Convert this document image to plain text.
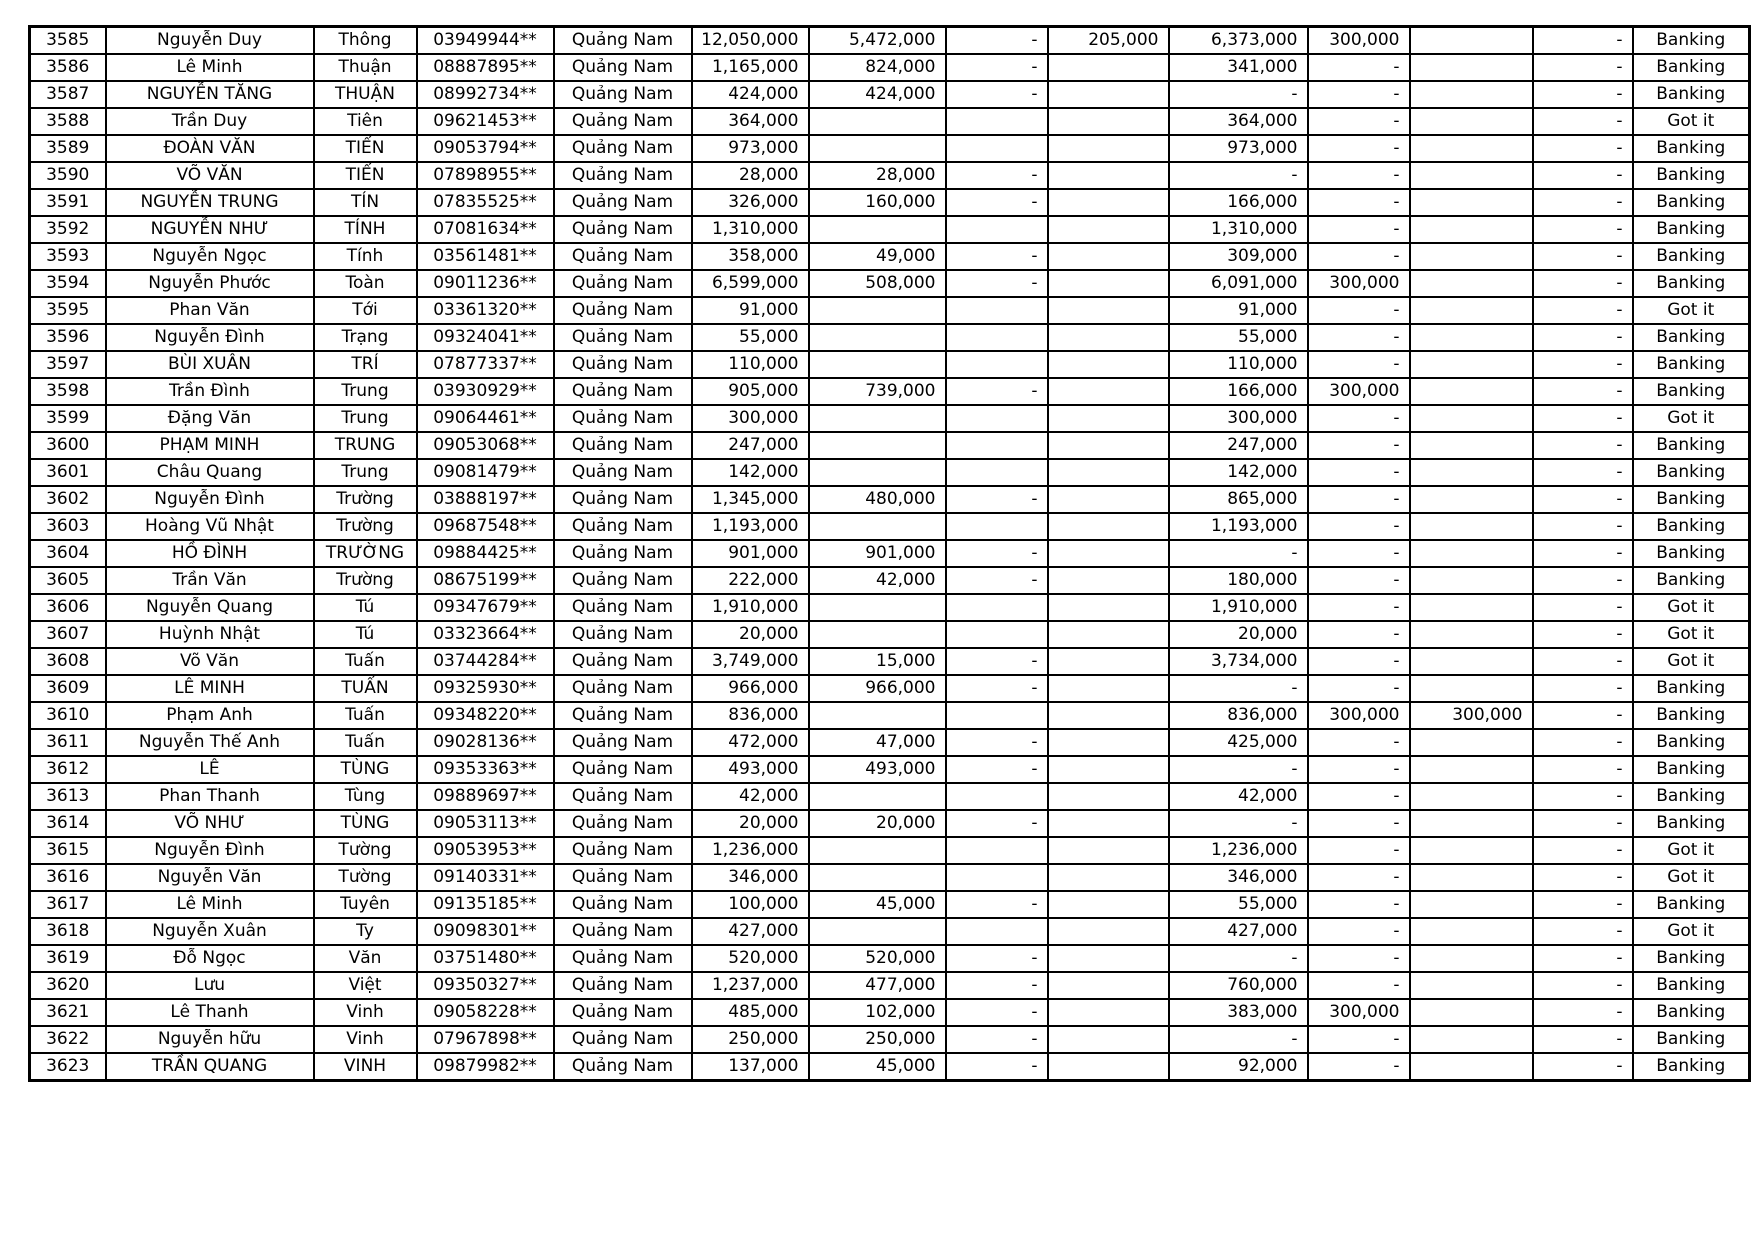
3585	Nguyễn Duy	Thông	03949944**	Quảng Nam	12,050,000	5,472,000	-	205,000	6,373,000	300,000		-	Banking
3586	Lê Minh	Thuận	08887895**	Quảng Nam	1,165,000	824,000	-		341,000	-		-	Banking
3587	NGUYỄN TĂNG	THUẬN	08992734**	Quảng Nam	424,000	424,000	-		-	-		-	Banking
3588	Trần Duy	Tiên	09621453**	Quảng Nam	364,000				364,000	-		-	Got it
3589	ĐOÀN VĂN	TIẾN	09053794**	Quảng Nam	973,000				973,000	-		-	Banking
3590	VÕ VĂN	TIẾN	07898955**	Quảng Nam	28,000	28,000	-		-	-		-	Banking
3591	NGUYỄN TRUNG	TÍN	07835525**	Quảng Nam	326,000	160,000	-		166,000	-		-	Banking
3592	NGUYỄN NHƯ	TÍNH	07081634**	Quảng Nam	1,310,000				1,310,000	-		-	Banking
3593	Nguyễn Ngọc	Tính	03561481**	Quảng Nam	358,000	49,000	-		309,000	-		-	Banking
3594	Nguyễn Phước	Toàn	09011236**	Quảng Nam	6,599,000	508,000	-		6,091,000	300,000		-	Banking
3595	Phan Văn	Tới	03361320**	Quảng Nam	91,000				91,000	-		-	Got it
3596	Nguyễn Đình	Trạng	09324041**	Quảng Nam	55,000				55,000	-		-	Banking
3597	BÙI XUÂN	TRÍ	07877337**	Quảng Nam	110,000				110,000	-		-	Banking
3598	Trần Đình	Trung	03930929**	Quảng Nam	905,000	739,000	-		166,000	300,000		-	Banking
3599	Đặng Văn	Trung	09064461**	Quảng Nam	300,000				300,000	-		-	Got it
3600	PHẠM MINH	TRUNG	09053068**	Quảng Nam	247,000				247,000	-		-	Banking
3601	Châu Quang	Trung	09081479**	Quảng Nam	142,000				142,000	-		-	Banking
3602	Nguyễn Đình	Trường	03888197**	Quảng Nam	1,345,000	480,000	-		865,000	-		-	Banking
3603	Hoàng Vũ Nhật	Trường	09687548**	Quảng Nam	1,193,000				1,193,000	-		-	Banking
3604	HỒ ĐÌNH	TRƯỜNG	09884425**	Quảng Nam	901,000	901,000	-		-	-		-	Banking
3605	Trần Văn	Trường	08675199**	Quảng Nam	222,000	42,000	-		180,000	-		-	Banking
3606	Nguyễn Quang	Tú	09347679**	Quảng Nam	1,910,000				1,910,000	-		-	Got it
3607	Huỳnh Nhật	Tú	03323664**	Quảng Nam	20,000				20,000	-		-	Got it
3608	Võ Văn	Tuấn	03744284**	Quảng Nam	3,749,000	15,000	-		3,734,000	-		-	Got it
3609	LÊ MINH	TUẤN	09325930**	Quảng Nam	966,000	966,000	-		-	-		-	Banking
3610	Phạm Anh	Tuấn	09348220**	Quảng Nam	836,000				836,000	300,000	300,000	-	Banking
3611	Nguyễn Thế Anh	Tuấn	09028136**	Quảng Nam	472,000	47,000	-		425,000	-		-	Banking
3612	LÊ	TÙNG	09353363**	Quảng Nam	493,000	493,000	-		-	-		-	Banking
3613	Phan Thanh	Tùng	09889697**	Quảng Nam	42,000				42,000	-		-	Banking
3614	VÕ NHƯ	TÙNG	09053113**	Quảng Nam	20,000	20,000	-		-	-		-	Banking
3615	Nguyễn Đình	Tường	09053953**	Quảng Nam	1,236,000				1,236,000	-		-	Got it
3616	Nguyễn Văn	Tường	09140331**	Quảng Nam	346,000				346,000	-		-	Got it
3617	Lê Minh	Tuyên	09135185**	Quảng Nam	100,000	45,000	-		55,000	-		-	Banking
3618	Nguyễn Xuân	Ty	09098301**	Quảng Nam	427,000				427,000	-		-	Got it
3619	Đỗ Ngọc	Văn	03751480**	Quảng Nam	520,000	520,000	-		-	-		-	Banking
3620	Lưu	Việt	09350327**	Quảng Nam	1,237,000	477,000	-		760,000	-		-	Banking
3621	Lê Thanh	Vinh	09058228**	Quảng Nam	485,000	102,000	-		383,000	300,000		-	Banking
3622	Nguyễn hữu	Vinh	07967898**	Quảng Nam	250,000	250,000	-		-	-		-	Banking
3623	TRẦN QUANG	VINH	09879982**	Quảng Nam	137,000	45,000	-		92,000	-		-	Banking
